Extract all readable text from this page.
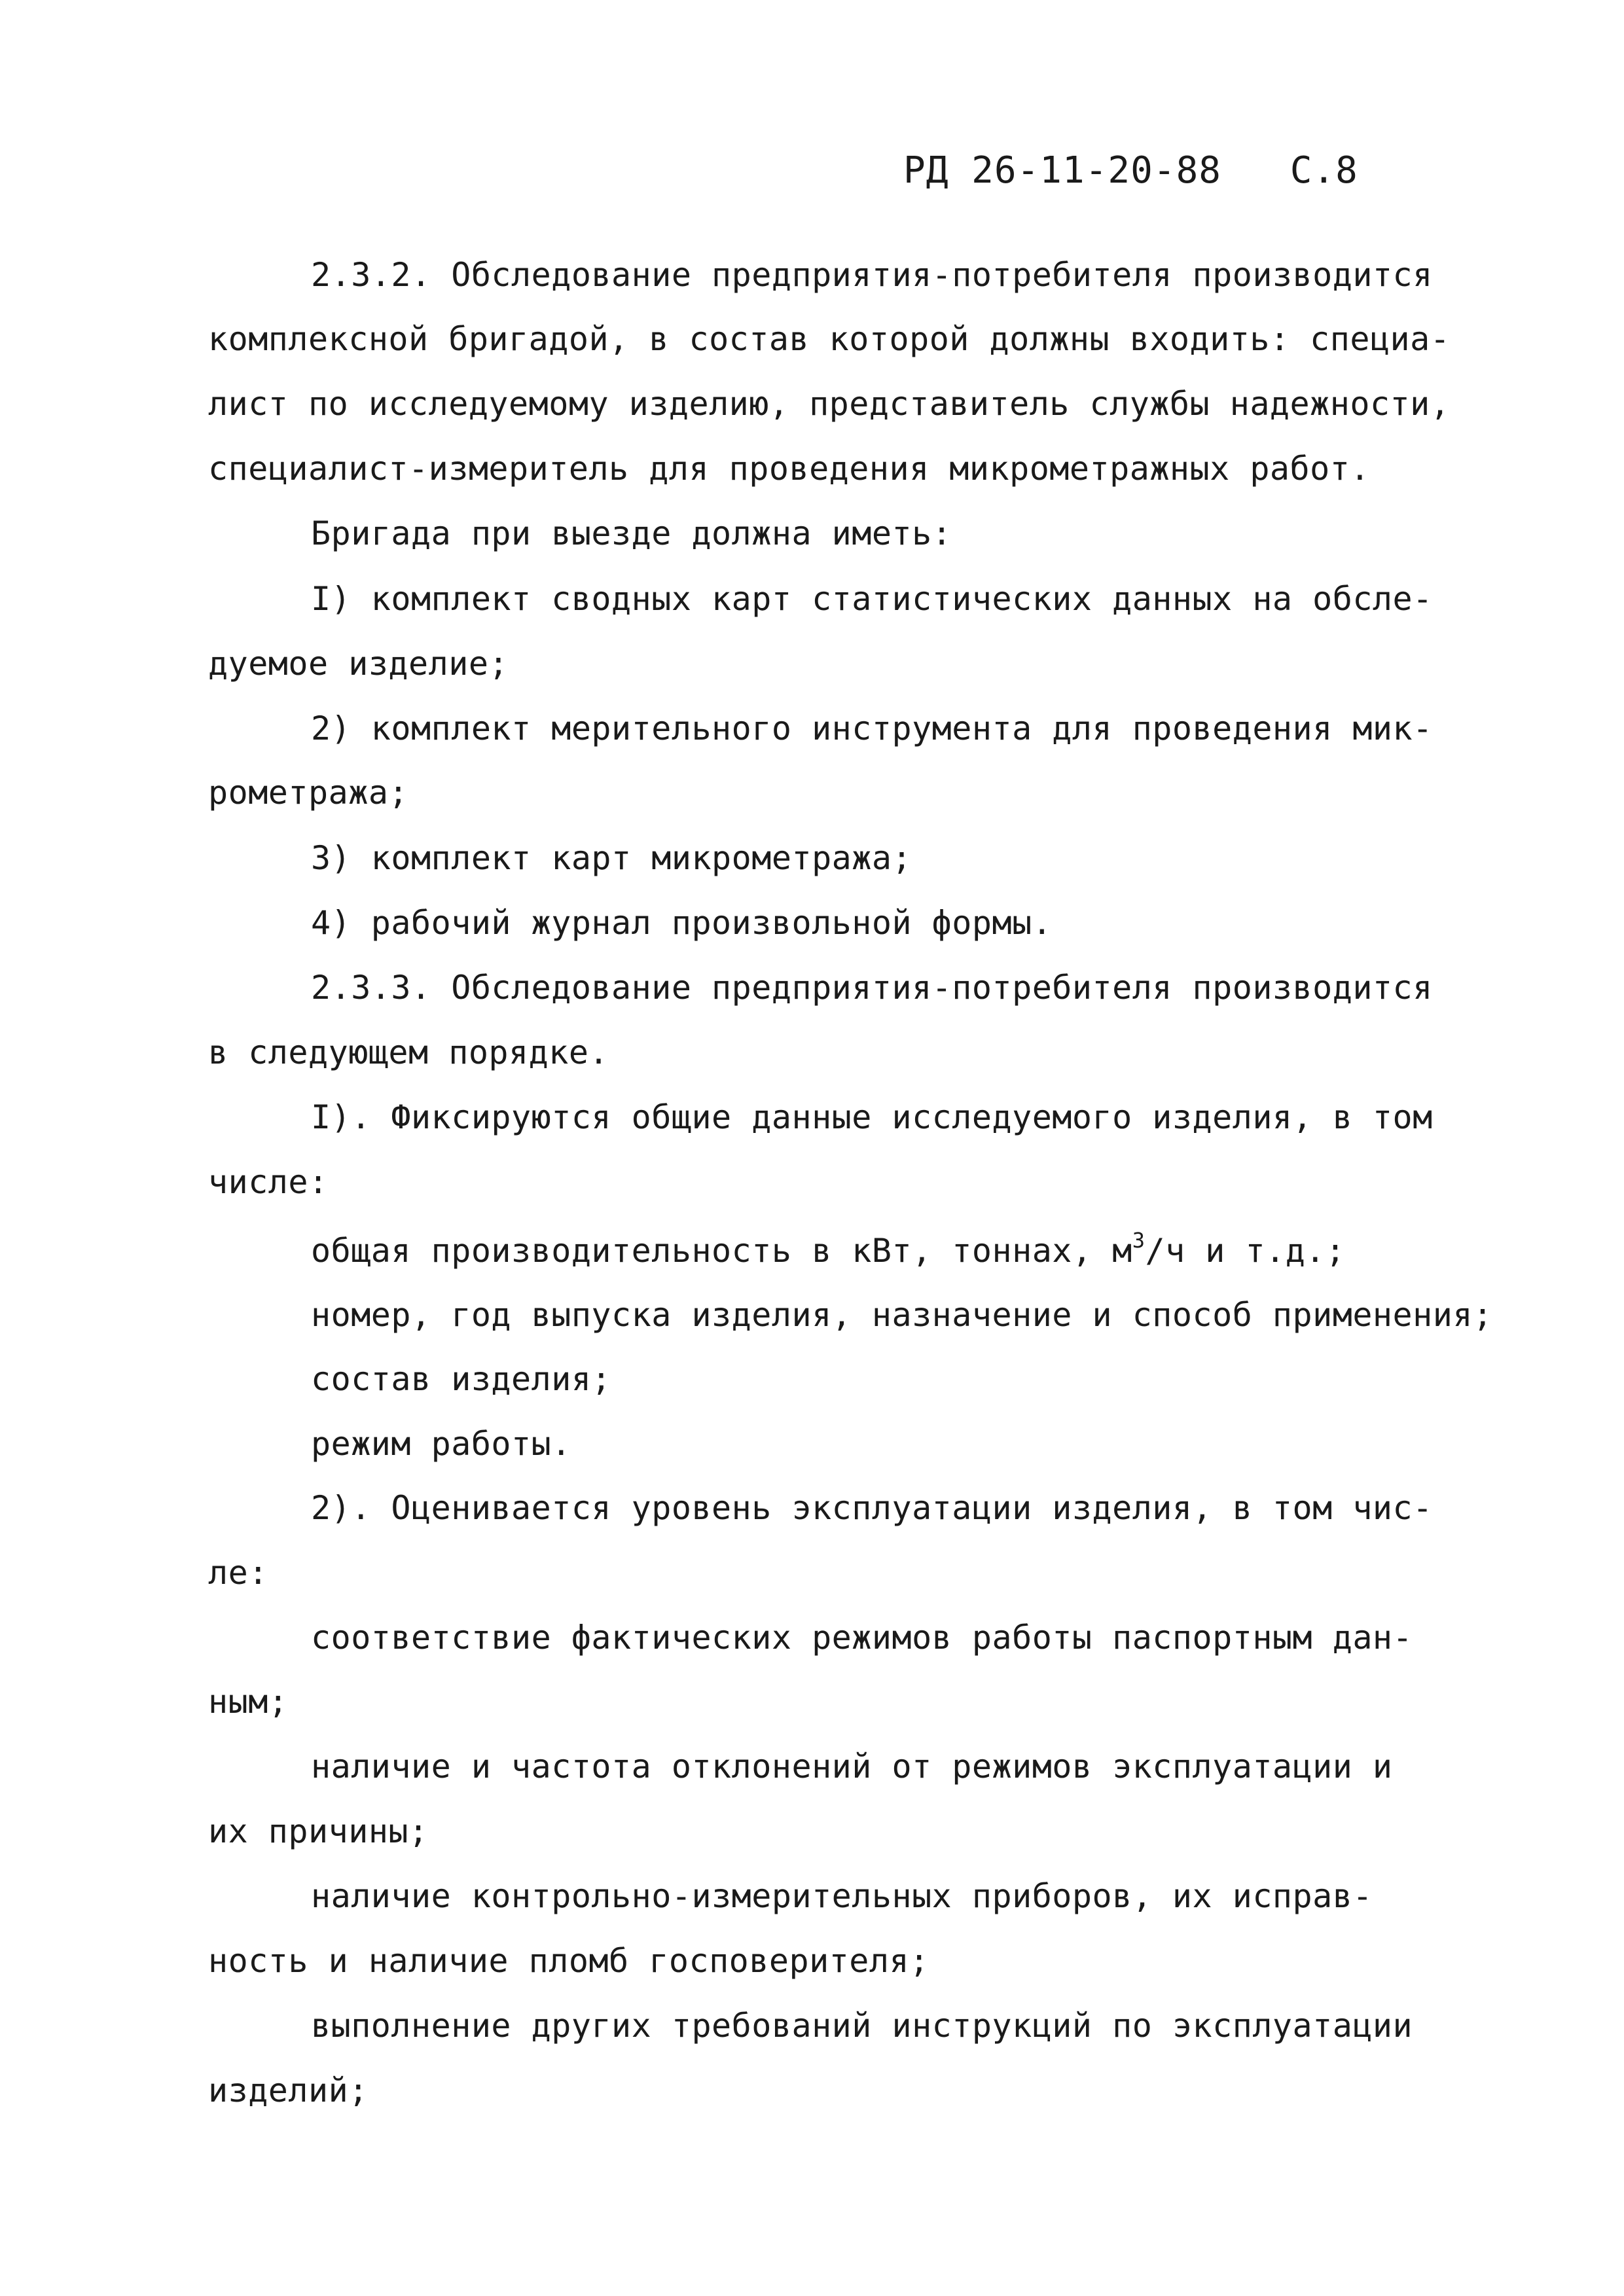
РД 26-11-20-88 С.8
2.3.2. Обследование предприятия-потребителя производится
комплексной бригадой, в состав которой должны входить: специа-
лист по исследуемому изделию, представитель службы надежности,
специалист-измеритель для проведения микрометражных работ.
Бригада при выезде должна иметь:
I) комплект сводных карт статистических данных на обсле-
дуемое изделие;
2) комплект мерительного инструмента для проведения мик-
рометража;
3) комплект карт микрометража;
4) рабочий журнал произвольной формы.
2.3.3. Обследование предприятия-потребителя производится
в следующем порядке.
I). Фиксируются общие данные исследуемого изделия, в том
числе:
общая производительность в кВт, тоннах, $м^3/ч$ и т.д.;
номер, год выпуска изделия, назначение и способ применения;
состав изделия;
режим работы.
2). Оценивается уровень эксплуатации изделия, в том чис-
ле:
соответствие фактических режимов работы паспортным дан-
ным;
наличие и частота отклонений от режимов эксплуатации и
их причины;
наличие контрольно-измерительных приборов, их исправ-
ность и наличие пломб госповерителя;
выполнение других требований инструкций по эксплуатации
изделий;
